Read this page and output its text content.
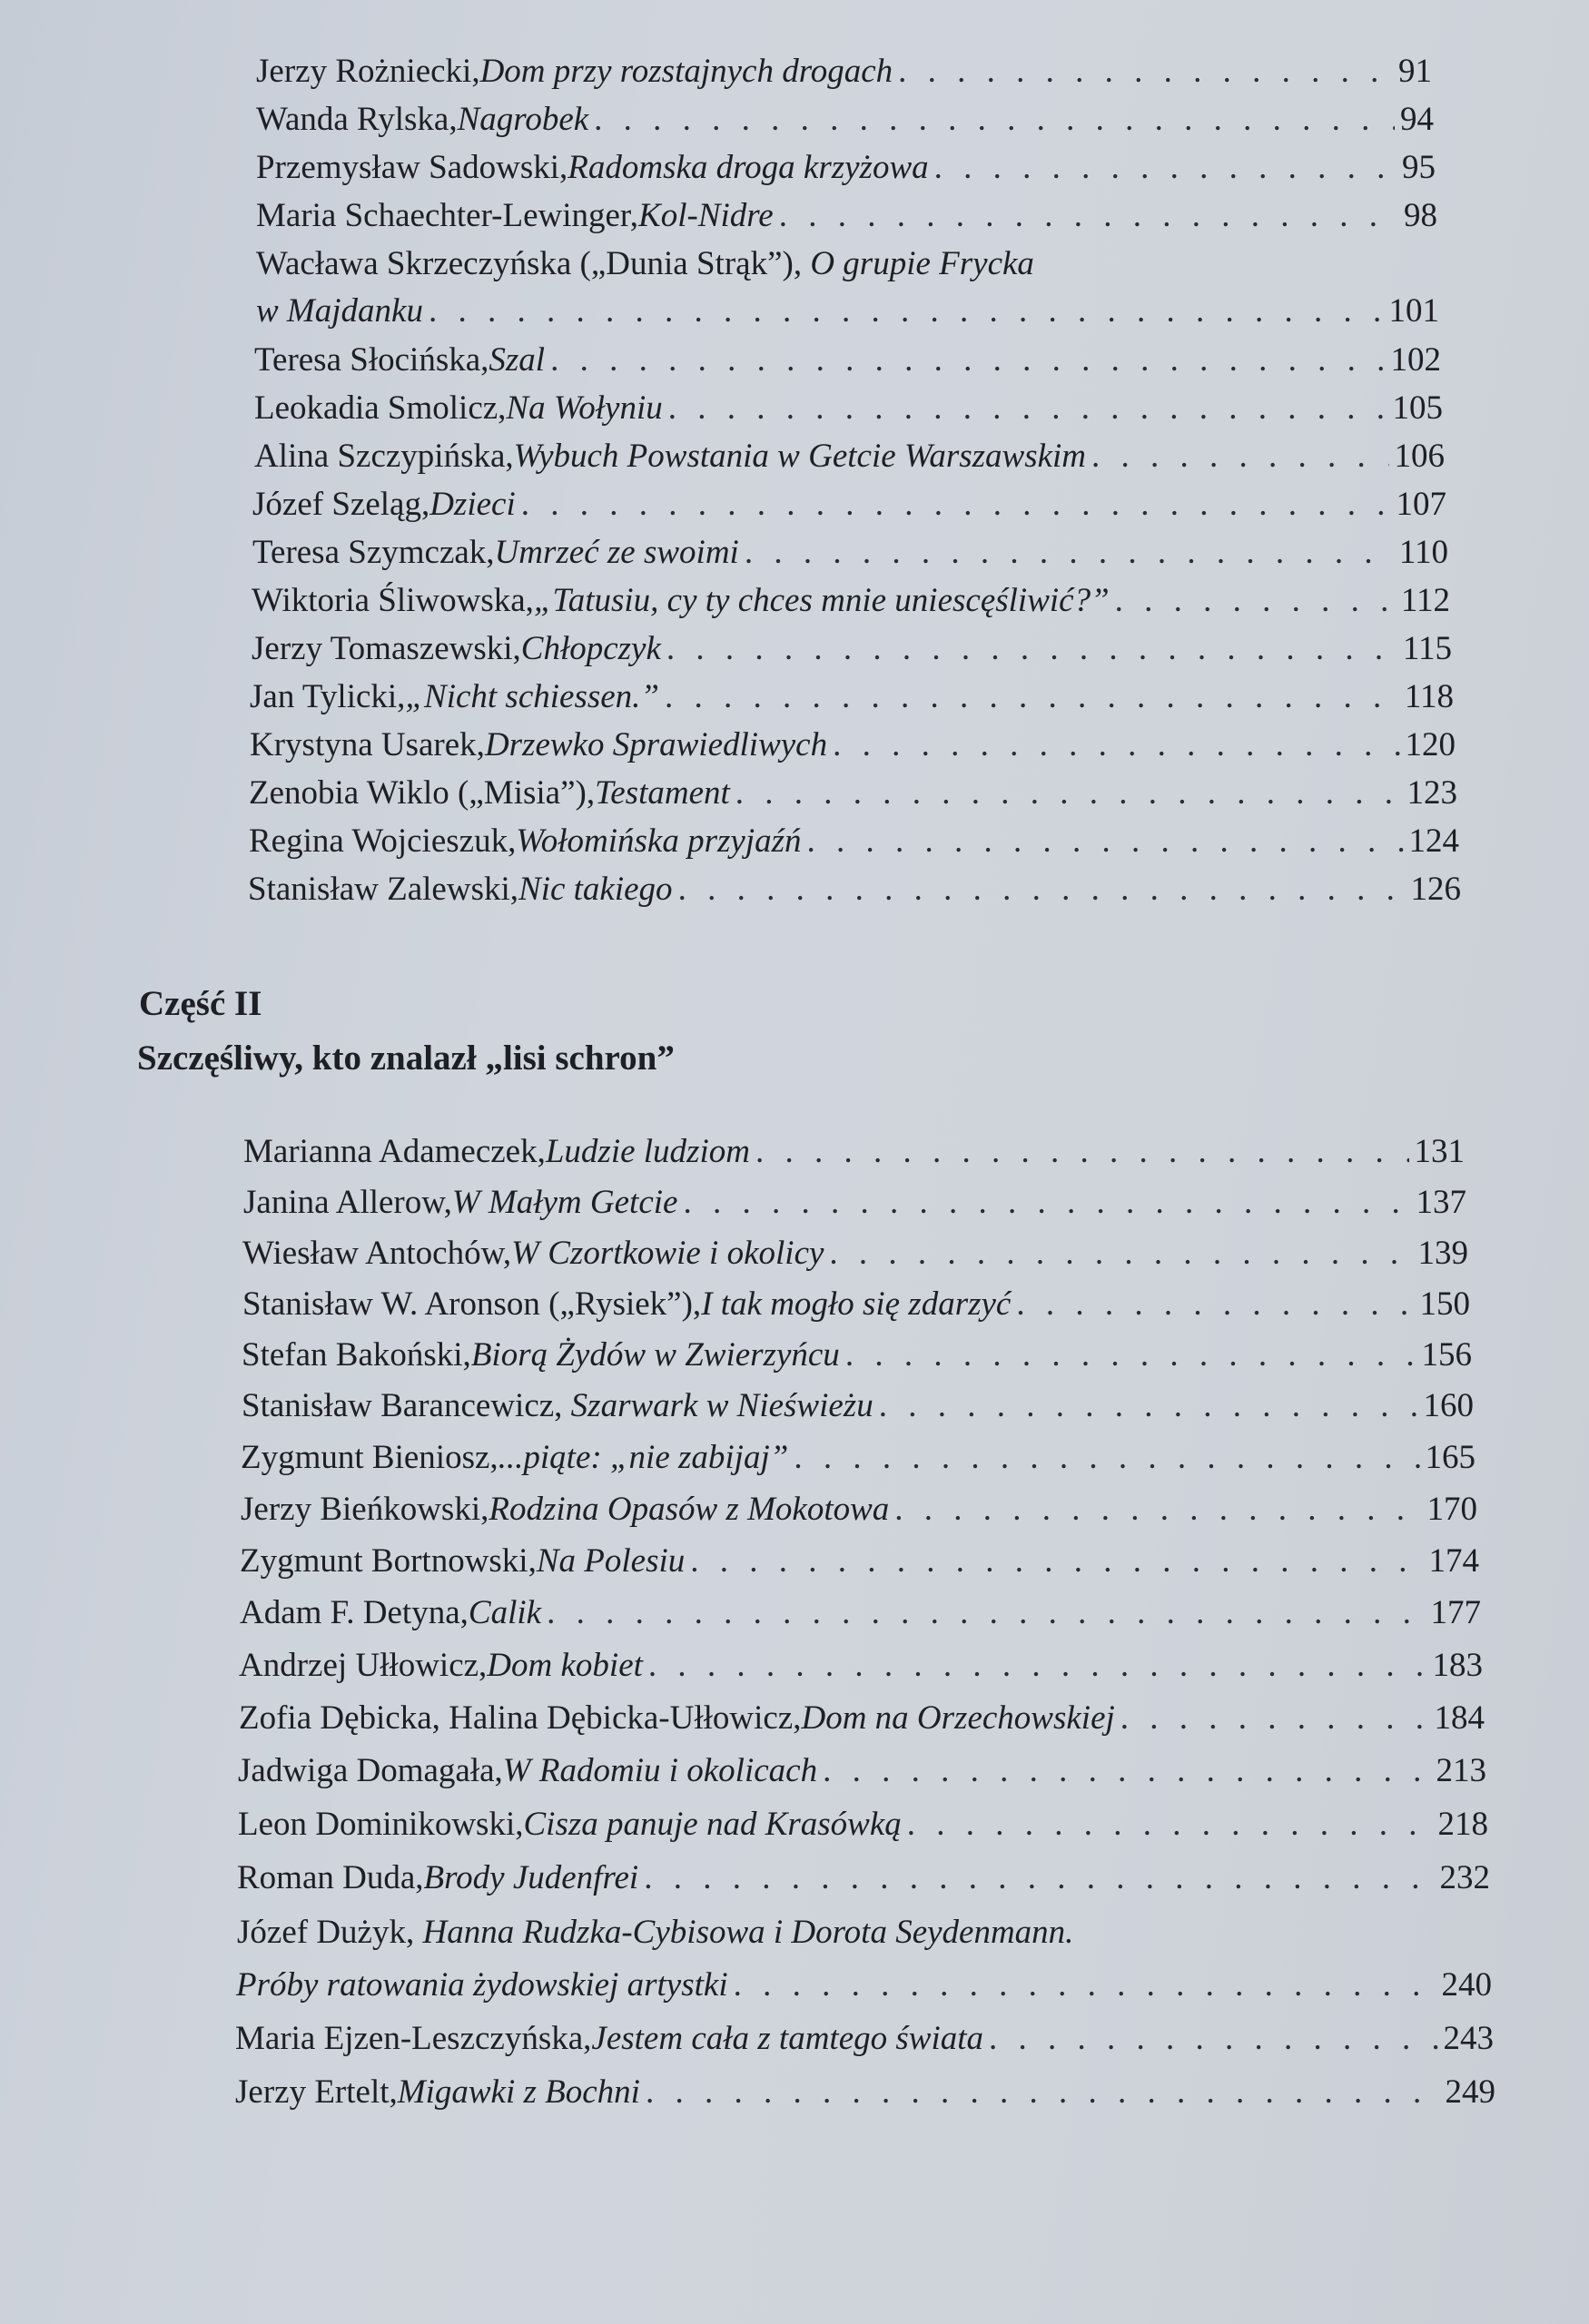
Jerzy Rożniecki, Dom przy rozstajnych drogach . . .	91
Wanda Rylska, Nagrobek . . .	94
Przemysław Sadowski, Radomska droga krzyżowa . . .	95
Maria Schaechter-Lewinger, Kol-Nidre . . .	98
Wacława Skrzeczyńska („Dunia Strąk”), O grupie Frycka
w Majdanku . . .	101
Teresa Słocińska, Szal . . .	102
Leokadia Smolicz, Na Wołyniu . . .	105
Alina Szczypińska, Wybuch Powstania w Getcie Warszawskim . . .	106
Józef Szeląg, Dzieci . . .	107
Teresa Szymczak, Umrzeć ze swoimi . . .	110
Wiktoria Śliwowska, „Tatusiu, cy ty chces mnie uniescęśliwić?” . . .	112
Jerzy Tomaszewski, Chłopczyk . . .	115
Jan Tylicki, „Nicht schiessen.” . . .	118
Krystyna Usarek, Drzewko Sprawiedliwych . . .	120
Zenobia Wiklo („Misia”), Testament . . .	123
Regina Wojcieszuk, Wołomińska przyjaźń . . .	124
Stanisław Zalewski, Nic takiego . . .	126
Część II
Szczęśliwy, kto znalazł „lisi schron”
Marianna Adameczek, Ludzie ludziom . . .	131
Janina Allerow, W Małym Getcie . . .	137
Wiesław Antochów, W Czortkowie i okolicy . . .	139
Stanisław W. Aronson („Rysiek”), I tak mogło się zdarzyć . . .	150
Stefan Bakoński, Biorą Żydów w Zwierzyńcu . . .	156
Stanisław Barancewicz, Szarwark w Nieświeżu . . .	160
Zygmunt Bieniosz, ...piąte: „nie zabijaj” . . .	165
Jerzy Bieńkowski, Rodzina Opasów z Mokotowa . . .	170
Zygmunt Bortnowski, Na Polesiu . . .	174
Adam F. Detyna, Calik . . .	177
Andrzej Ułłowicz, Dom kobiet . . .	183
Zofia Dębicka, Halina Dębicka-Ułłowicz, Dom na Orzechowskiej . . .	184
Jadwiga Domagała, W Radomiu i okolicach . . .	213
Leon Dominikowski, Cisza panuje nad Krasówką . . .	218
Roman Duda, Brody Judenfrei . . .	232
Józef Dużyk, Hanna Rudzka-Cybisowa i Dorota Seydenmann.
Próby ratowania żydowskiej artystki . . .	240
Maria Ejzen-Leszczyńska, Jestem cała z tamtego świata . . .	243
Jerzy Ertelt, Migawki z Bochni . . .	249
